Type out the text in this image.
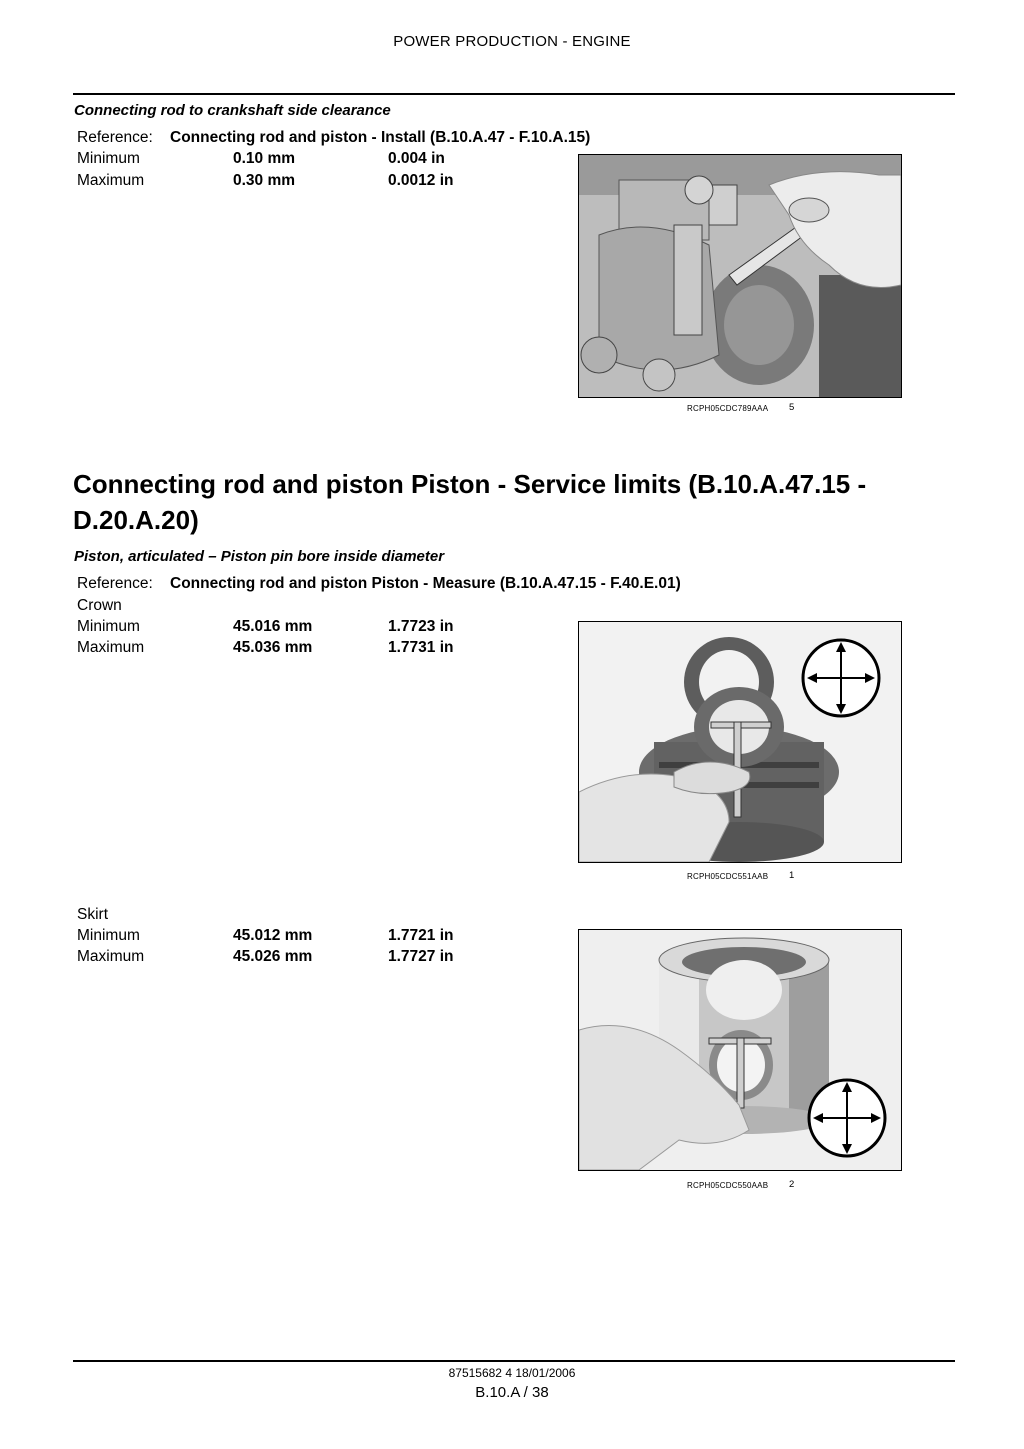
POWER PRODUCTION - ENGINE
Connecting rod to crankshaft side clearance
Reference: Connecting rod and piston - Install (B.10.A.47 - F.10.A.15)
Minimum	0.10 mm	0.004 in
Maximum	0.30 mm	0.0012 in
RCPH05CDC789AAA 5
Connecting rod and piston Piston - Service limits (B.10.A.47.15 - D.20.A.20)
Piston, articulated – Piston pin bore inside diameter
Reference: Connecting rod and piston Piston - Measure (B.10.A.47.15 - F.40.E.01)
Crown
Minimum	45.016 mm	1.7723 in
Maximum	45.036 mm	1.7731 in
RCPH05CDC551AAB 1
Skirt
Minimum	45.012 mm	1.7721 in
Maximum	45.026 mm	1.7727 in
RCPH05CDC550AAB 2
87515682 4 18/01/2006
B.10.A / 38
